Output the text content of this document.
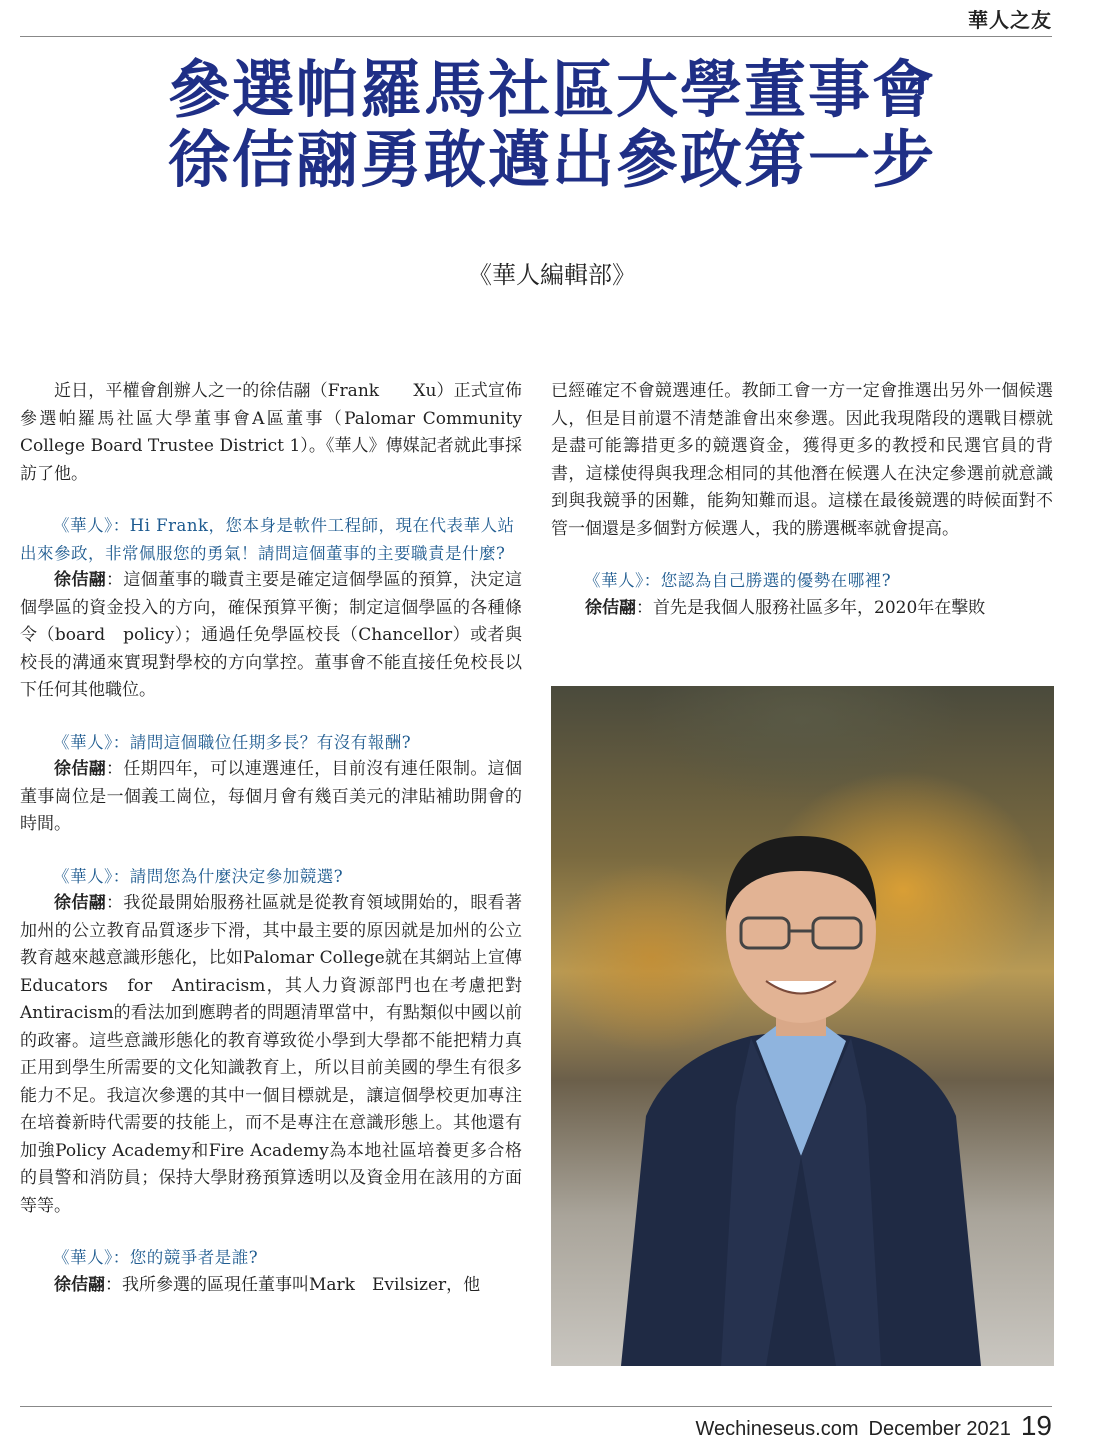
華人之友
參選帕羅馬社區大學董事會
徐佶翮勇敢邁出參政第一步
《華人編輯部》

近日，平權會創辦人之一的徐佶翮（Frank　　Xu）正式宣佈參選帕羅馬社區大學董事會A區董事（Palomar Community College Board Trustee District 1）。《華人》傳媒記者就此事採訪了他。

《華人》：Hi Frank，您本身是軟件工程師，現在代表華人站出來參政，非常佩服您的勇氣！請問這個董事的主要職責是什麼?

徐佶翮：這個董事的職責主要是確定這個學區的預算，決定這個學區的資金投入的方向，確保預算平衡；制定這個學區的各種條令（board　policy）；通過任免學區校長（Chancellor）或者與校長的溝通來實現對學校的方向掌控。董事會不能直接任免校長以下任何其他職位。

《華人》：請問這個職位任期多長？有沒有報酬?

徐佶翮：任期四年，可以連選連任，目前沒有連任限制。這個董事崗位是一個義工崗位，每個月會有幾百美元的津貼補助開會的時間。

《華人》：請問您為什麼決定參加競選?

徐佶翮：我從最開始服務社區就是從教育領域開始的，眼看著加州的公立教育品質逐步下滑，其中最主要的原因就是加州的公立教育越來越意識形態化，比如Palomar College就在其網站上宣傳Educators　for　Antiracism，其人力資源部門也在考慮把對Antiracism的看法加到應聘者的問題清單當中，有點類似中國以前的政審。這些意識形態化的教育導致從小學到大學都不能把精力真正用到學生所需要的文化知識教育上，所以目前美國的學生有很多能力不足。我這次參選的其中一個目標就是，讓這個學校更加專注在培養新時代需要的技能上，而不是專注在意識形態上。其他還有加強Policy Academy和Fire Academy為本地社區培養更多合格的員警和消防員；保持大學財務預算透明以及資金用在該用的方面等等。

《華人》：您的競爭者是誰?

徐佶翮：我所參選的區現任董事叫Mark　Evilsizer，他

已經確定不會競選連任。教師工會一方一定會推選出另外一個候選人，但是目前還不清楚誰會出來參選。因此我現階段的選戰目標就是盡可能籌措更多的競選資金，獲得更多的教授和民選官員的背書，這樣使得與我理念相同的其他潛在候選人在決定參選前就意識到與我競爭的困難，能夠知難而退。這樣在最後競選的時候面對不管一個還是多個對方候選人，我的勝選概率就會提高。

《華人》：您認為自己勝選的優勢在哪裡?

徐佶翮：首先是我個人服務社區多年，2020年在擊敗

Wechineseus.com December 2021 19
